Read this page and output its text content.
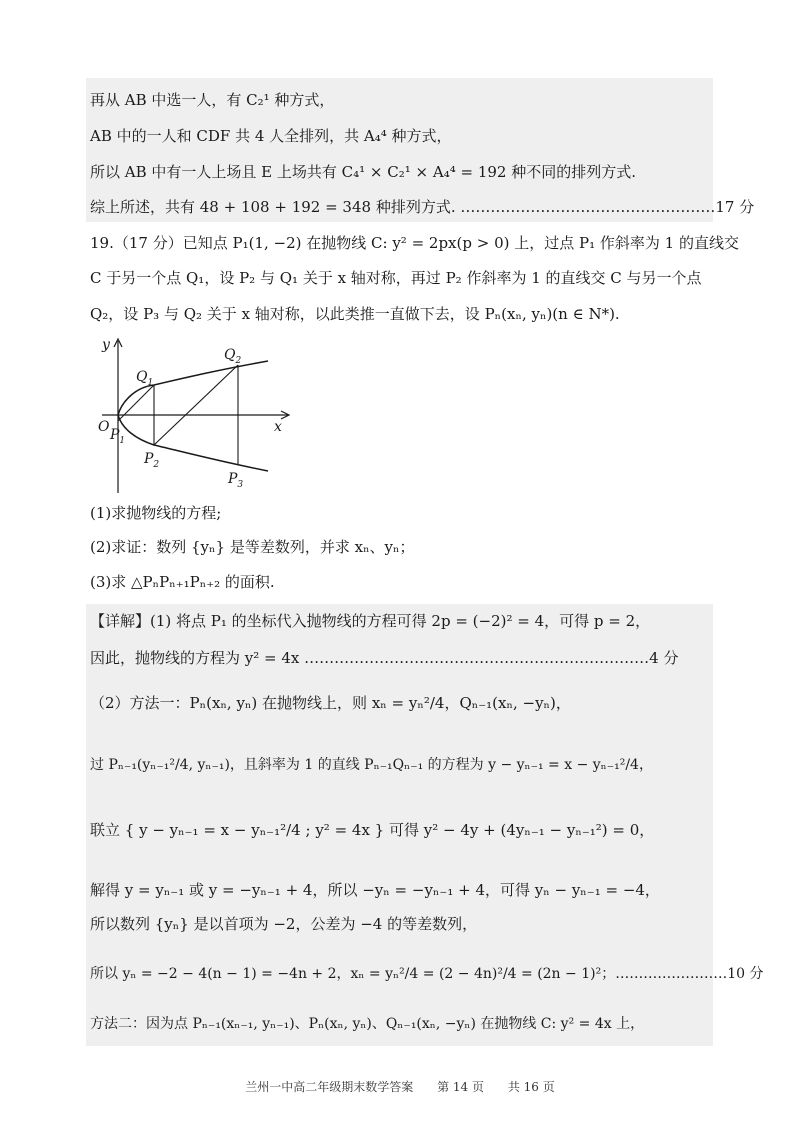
再从 AB 中选一人，有 C₂¹ 种方式，
AB 中的一人和 CDF 共 4 人全排列，共 A₄⁴ 种方式，
所以 AB 中有一人上场且 E 上场共有 C₄¹ × C₂¹ × A₄⁴ = 192 种不同的排列方式.
综上所述，共有 48 + 108 + 192 = 348 种排列方式. ……………………………………………17 分
19.（17 分）已知点 P₁(1, −2) 在抛物线 C: y² = 2px(p > 0) 上，过点 P₁ 作斜率为 1 的直线交
C 于另一个点 Q₁，设 P₂ 与 Q₁ 关于 x 轴对称，再过 P₂ 作斜率为 1 的直线交 C 与另一个点
Q₂，设 P₃ 与 Q₂ 关于 x 轴对称，以此类推一直做下去，设 Pₙ(xₙ, yₙ)(n ∈ N*).
y
x
O
$Q_1$
$Q_2$
$P_1$
$P_2$
$P_3$
(1)求抛物线的方程;
(2)求证：数列 {yₙ} 是等差数列，并求 xₙ、yₙ；
(3)求 △PₙPₙ₊₁Pₙ₊₂ 的面积.
【详解】(1) 将点 P₁ 的坐标代入抛物线的方程可得 2p = (−2)² = 4，可得 p = 2，
因此，抛物线的方程为 y² = 4x ……………………………………………………………4 分
（2）方法一：Pₙ(xₙ, yₙ) 在抛物线上，则 xₙ = yₙ²/4，Qₙ₋₁(xₙ, −yₙ)，
过 Pₙ₋₁(yₙ₋₁²/4, yₙ₋₁)，且斜率为 1 的直线 Pₙ₋₁Qₙ₋₁ 的方程为 y − yₙ₋₁ = x − yₙ₋₁²/4，
联立 { y − yₙ₋₁ = x − yₙ₋₁²/4 ; y² = 4x } 可得 y² − 4y + (4yₙ₋₁ − yₙ₋₁²) = 0，
解得 y = yₙ₋₁ 或 y = −yₙ₋₁ + 4，所以 −yₙ = −yₙ₋₁ + 4，可得 yₙ − yₙ₋₁ = −4，
所以数列 {yₙ} 是以首项为 −2，公差为 −4 的等差数列，
所以 yₙ = −2 − 4(n − 1) = −4n + 2，xₙ = yₙ²/4 = (2 − 4n)²/4 = (2n − 1)²；……………………10 分
方法二：因为点 Pₙ₋₁(xₙ₋₁, yₙ₋₁)、Pₙ(xₙ, yₙ)、Qₙ₋₁(xₙ, −yₙ) 在抛物线 C: y² = 4x 上，
兰州一中高二年级期末数学答案 第 14 页 共 16 页
